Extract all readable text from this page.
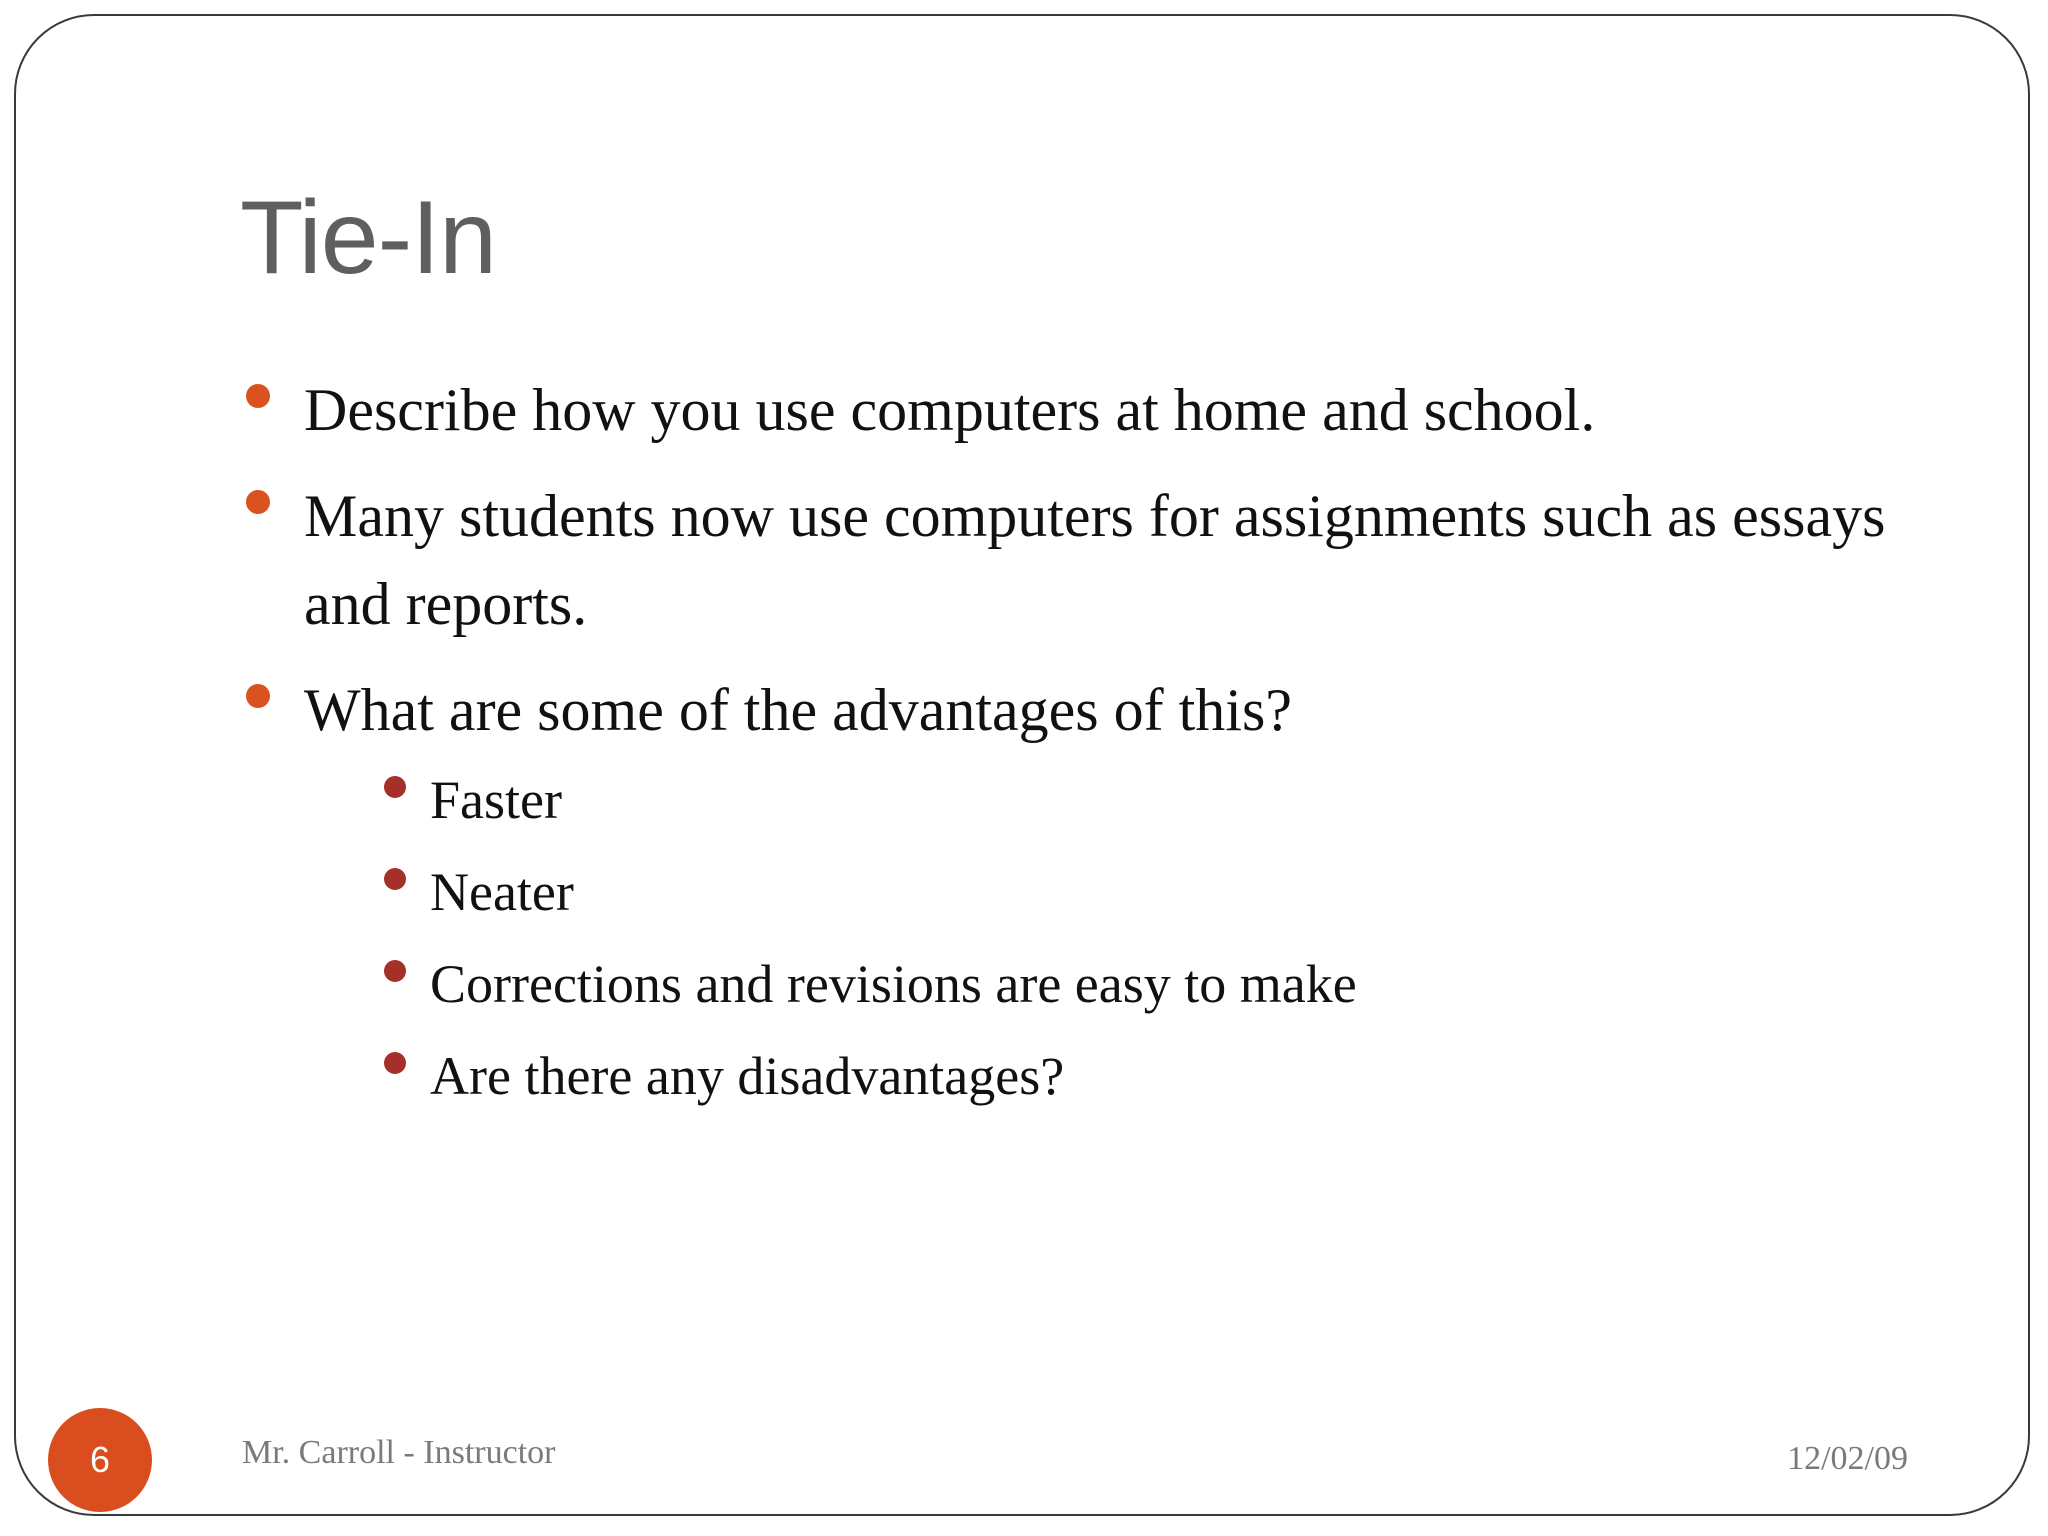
Tie-In
Describe how you use computers at home and school.
Many students now use computers for assignments such as essays and reports.
What are some of the advantages of this?
Faster
Neater
Corrections and revisions are easy to make
Are there any disadvantages?
6	Mr. Carroll - Instructor	12/02/09
